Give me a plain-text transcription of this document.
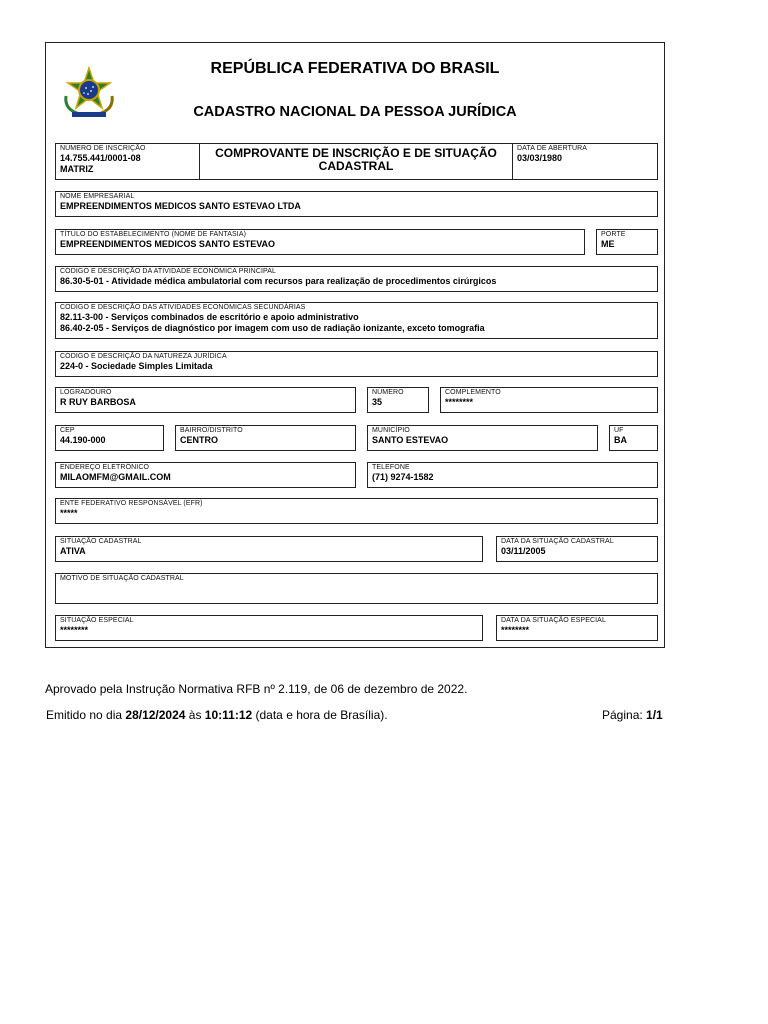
REPÚBLICA FEDERATIVA DO BRASIL
CADASTRO NACIONAL DA PESSOA JURÍDICA
NÚMERO DE INSCRIÇÃO
14.755.441/0001-08
MATRIZ
COMPROVANTE DE INSCRIÇÃO E DE SITUAÇÃO CADASTRAL
DATA DE ABERTURA
03/03/1980
NOME EMPRESARIAL
EMPREENDIMENTOS MEDICOS SANTO ESTEVAO LTDA
TÍTULO DO ESTABELECIMENTO (NOME DE FANTASIA)
EMPREENDIMENTOS MEDICOS SANTO ESTEVAO
PORTE
ME
CÓDIGO E DESCRIÇÃO DA ATIVIDADE ECONÔMICA PRINCIPAL
86.30-5-01 - Atividade médica ambulatorial com recursos para realização de procedimentos cirúrgicos
CÓDIGO E DESCRIÇÃO DAS ATIVIDADES ECONÔMICAS SECUNDÁRIAS
82.11-3-00 - Serviços combinados de escritório e apoio administrativo
86.40-2-05 - Serviços de diagnóstico por imagem com uso de radiação ionizante, exceto tomografia
CÓDIGO E DESCRIÇÃO DA NATUREZA JURÍDICA
224-0 - Sociedade Simples Limitada
LOGRADOURO
R RUY BARBOSA
NÚMERO
35
COMPLEMENTO
********
CEP
44.190-000
BAIRRO/DISTRITO
CENTRO
MUNICÍPIO
SANTO ESTEVAO
UF
BA
ENDEREÇO ELETRÔNICO
MILAOMFM@GMAIL.COM
TELEFONE
(71) 9274-1582
ENTE FEDERATIVO RESPONSÁVEL (EFR)
*****
SITUAÇÃO CADASTRAL
ATIVA
DATA DA SITUAÇÃO CADASTRAL
03/11/2005
MOTIVO DE SITUAÇÃO CADASTRAL
SITUAÇÃO ESPECIAL
********
DATA DA SITUAÇÃO ESPECIAL
********
Aprovado pela Instrução Normativa RFB nº 2.119, de 06 de dezembro de 2022.
Emitido no dia 28/12/2024 às 10:11:12 (data e hora de Brasília).	Página: 1/1
